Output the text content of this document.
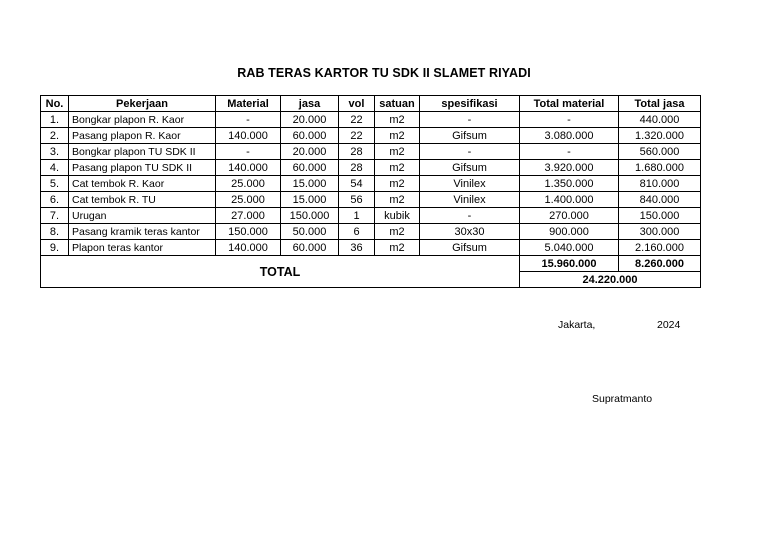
RAB TERAS KARTOR TU SDK II SLAMET RIYADI
No.	Pekerjaan	Material	jasa	vol	satuan	spesifikasi	Total material	Total jasa
1.	Bongkar plapon R. Kaor	-	20.000	22	m2	-	-	440.000
2.	Pasang plapon R. Kaor	140.000	60.000	22	m2	Gifsum	3.080.000	1.320.000
3.	Bongkar plapon TU SDK II	-	20.000	28	m2	-	-	560.000
4.	Pasang plapon TU SDK II	140.000	60.000	28	m2	Gifsum	3.920.000	1.680.000
5.	Cat tembok R. Kaor	25.000	15.000	54	m2	Vinilex	1.350.000	810.000
6.	Cat tembok R. TU	25.000	15.000	56	m2	Vinilex	1.400.000	840.000
7.	Urugan	27.000	150.000	1	kubik	-	270.000	150.000
8.	Pasang kramik teras kantor	150.000	50.000	6	m2	30x30	900.000	300.000
9.	Plapon teras kantor	140.000	60.000	36	m2	Gifsum	5.040.000	2.160.000
TOTAL							15.960.000	8.260.000
							24.220.000	
Jakarta,	2024
Supratmanto
